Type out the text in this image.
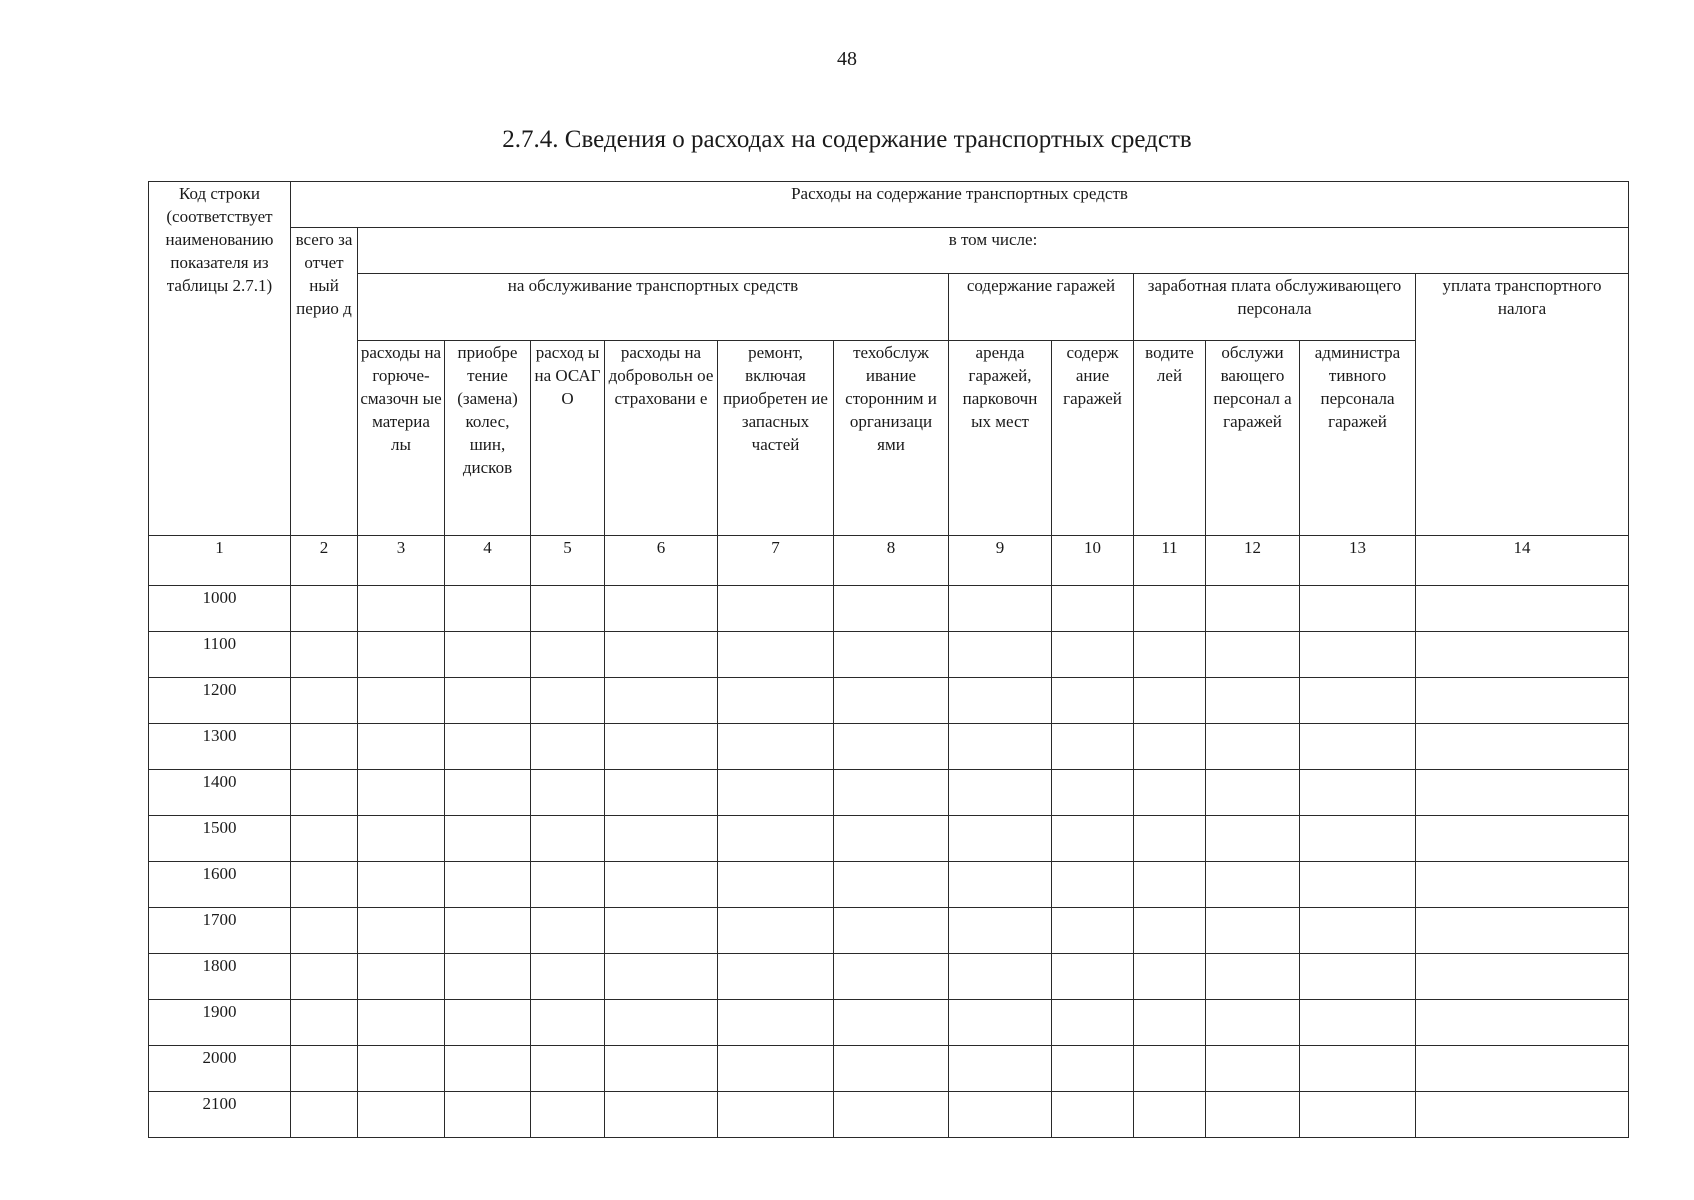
48
2.7.4. Сведения о расходах на содержание транспортных средств
Код строки (соответствует наименованию показателя из таблицы 2.7.1)	Расходы на содержание транспортных средств												
	всего за отчет ный перио д	в том числе:											
		на обслуживание транспортных средств						содержание гаражей		заработная плата обслуживающего персонала			уплата транспортного налога
		расходы на горюче-смазочн ые материа лы	приобре тение (замена) колес, шин, дисков	расход ы на ОСАГ О	расходы на добровольн ое страховани е	ремонт, включая приобретен ие запасных частей	техобслуж ивание сторонним и организаци ями	аренда гаражей, парковочн ых мест	содерж ание гаражей	водите лей	обслужи вающего персонал а гаражей	администра тивного персонала гаражей	
1	2	3	4	5	6	7	8	9	10	11	12	13	14
1000													
1100													
1200													
1300													
1400													
1500													
1600													
1700													
1800													
1900													
2000													
2100													
